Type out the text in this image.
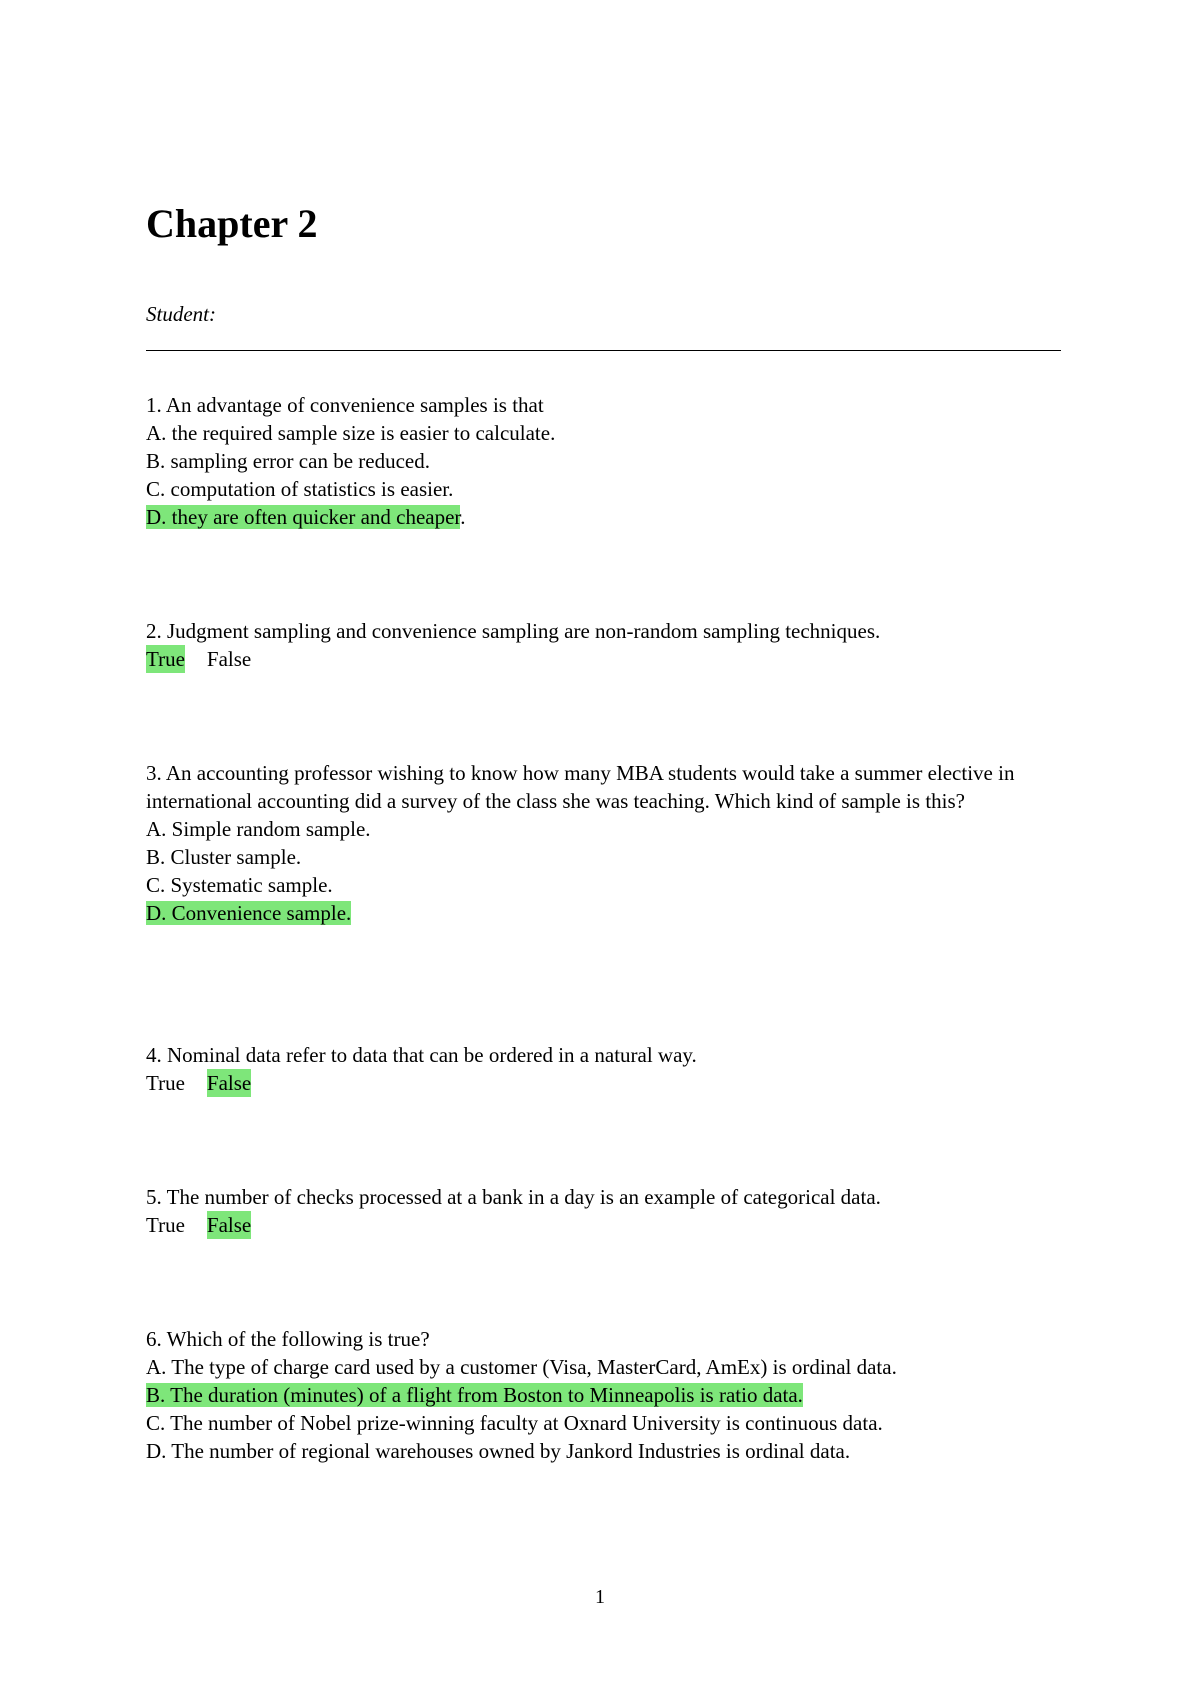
Chapter 2
Student:
1. An advantage of convenience samples is that
A. the required sample size is easier to calculate.
B. sampling error can be reduced.
C. computation of statistics is easier.
D. they are often quicker and cheaper.
2. Judgment sampling and convenience sampling are non-random sampling techniques.
True False
3. An accounting professor wishing to know how many MBA students would take a summer elective in international accounting did a survey of the class she was teaching. Which kind of sample is this?
A. Simple random sample.
B. Cluster sample.
C. Systematic sample.
D. Convenience sample.
4. Nominal data refer to data that can be ordered in a natural way.
True False
5. The number of checks processed at a bank in a day is an example of categorical data.
True False
6. Which of the following is true?
A. The type of charge card used by a customer (Visa, MasterCard, AmEx) is ordinal data.
B. The duration (minutes) of a flight from Boston to Minneapolis is ratio data.
C. The number of Nobel prize-winning faculty at Oxnard University is continuous data.
D. The number of regional warehouses owned by Jankord Industries is ordinal data.
1
